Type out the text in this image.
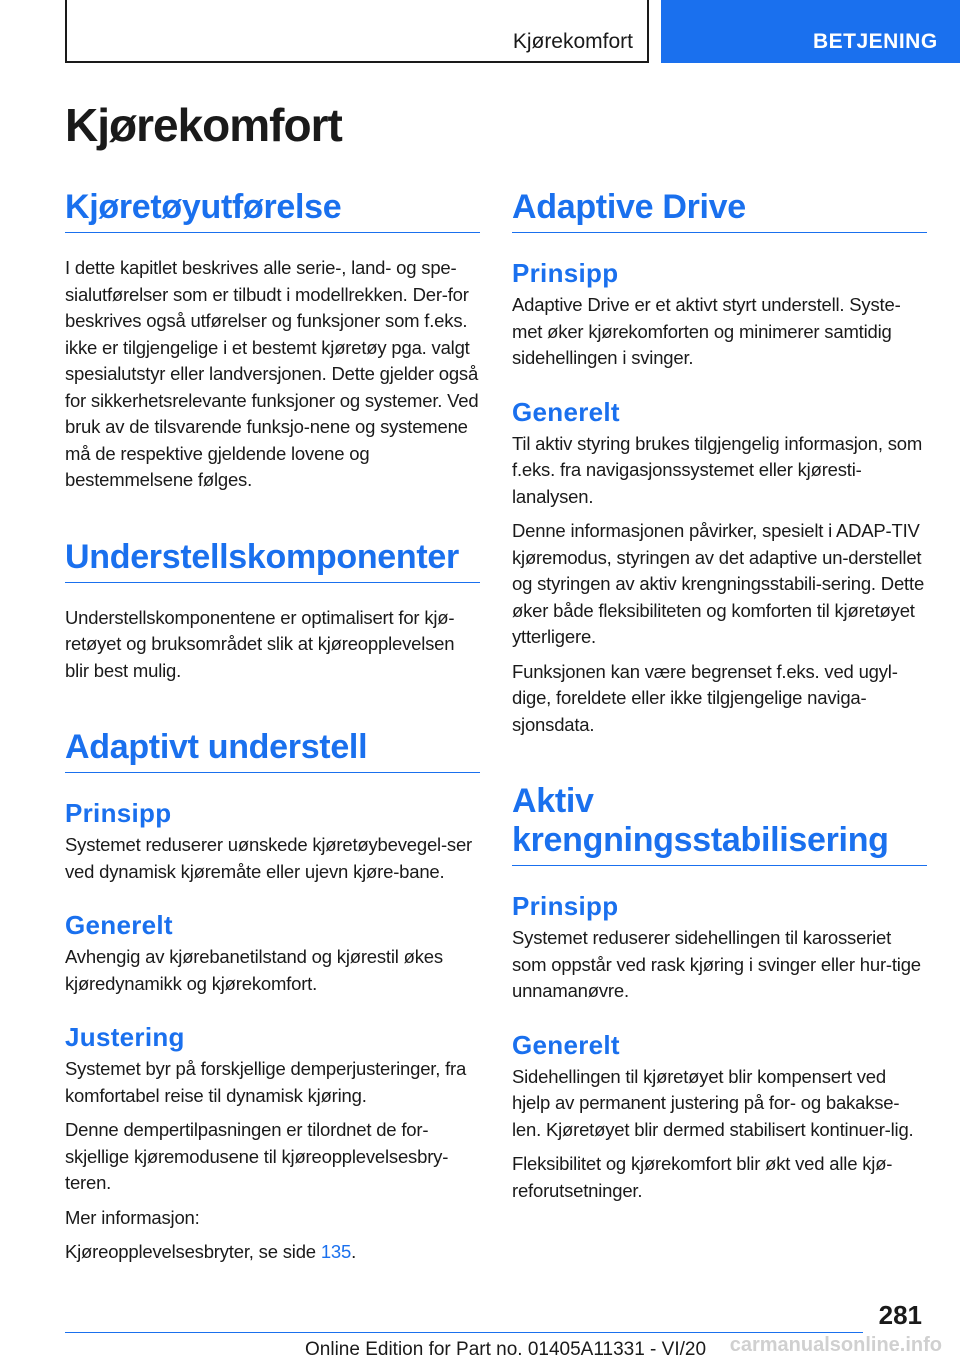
Kjørekomfort	BETJENING
Kjørekomfort
Kjøretøyutførelse

I dette kapitlet beskrives alle serie-, land- og spe-sialutførelser som er tilbudt i modellrekken. Der-for beskrives også utførelser og funksjoner som f.eks. ikke er tilgjengelige i et bestemt kjøretøy pga. valgt spesialutstyr eller landversjonen. Dette gjelder også for sikkerhetsrelevante funksjoner og systemer. Ved bruk av de tilsvarende funksjo-nene og systemene må de respektive gjeldende lovene og bestemmelsene følges.

Understellskomponenter

Understellskomponentene er optimalisert for kjø-retøyet og bruksområdet slik at kjøreopplevelsen blir best mulig.

Adaptivt understell
Prinsipp

Systemet reduserer uønskede kjøretøybevegel-ser ved dynamisk kjøremåte eller ujevn kjøre-bane.

Generelt

Avhengig av kjørebanetilstand og kjørestil økes kjøredynamikk og kjørekomfort.

Justering

Systemet byr på forskjellige demperjusteringer, fra komfortabel reise til dynamisk kjøring.

Denne dempertilpasningen er tilordnet de for-skjellige kjøremodusene til kjøreopplevelsesbry-teren.

Mer informasjon:

Kjøreopplevelsesbryter, se side 135.

Adaptive Drive
Prinsipp

Adaptive Drive er et aktivt styrt understell. Syste-met øker kjørekomforten og minimerer samtidig sidehellingen i svinger.

Generelt

Til aktiv styring brukes tilgjengelig informasjon, som f.eks. fra navigasjonssystemet eller kjøresti-lanalysen.

Denne informasjonen påvirker, spesielt i ADAP-TIV kjøremodus, styringen av det adaptive un-derstellet og styringen av aktiv krengningsstabili-sering. Dette øker både fleksibiliteten og komforten til kjøretøyet ytterligere.

Funksjonen kan være begrenset f.eks. ved ugyl-dige, foreldete eller ikke tilgjengelige naviga-sjonsdata.

Aktiv
krengningsstabilisering
Prinsipp

Systemet reduserer sidehellingen til karosseriet som oppstår ved rask kjøring i svinger eller hur-tige unnamanøvre.

Generelt

Sidehellingen til kjøretøyet blir kompensert ved hjelp av permanent justering på for- og bakakse-len. Kjøretøyet blir dermed stabilisert kontinuer-lig.

Fleksibilitet og kjørekomfort blir økt ved alle kjø-reforutsetninger.

281
Online Edition for Part no. 01405A11331 - VI/20 carmanualsonline.info
